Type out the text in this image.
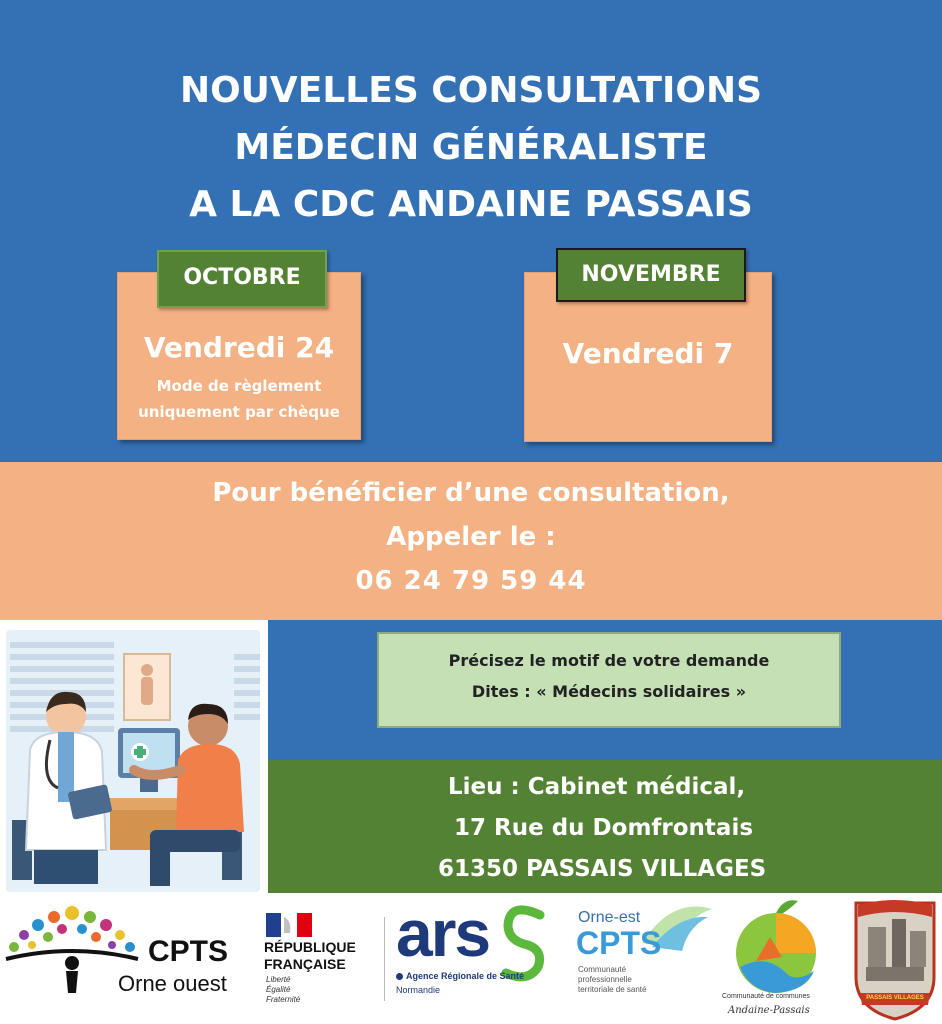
NOUVELLES CONSULTATIONS
MÉDECIN GÉNÉRALISTE
A LA CDC ANDAINE PASSAIS
Vendredi 24
Mode de règlement
uniquement par chèque
OCTOBRE
Vendredi 7
NOVEMBRE
Pour bénéficier d’une consultation,
Appeler le :
06 24 79 59 44
Précisez le motif de votre demande
Dites : « Médecins solidaires »
Lieu : Cabinet médical,
17 Rue du Domfrontais
61350 PASSAIS VILLAGES
CPTS
Orne ouest
RÉPUBLIQUE
FRANÇAISE
Liberté
Égalité
Fraternité
ars
Agence Régionale de Santé
Normandie
Orne-est
CPTS
Communauté
professionnelle
territoriale de santé
Communauté de communes
Andaine-Passais
PASSAIS VILLAGES
